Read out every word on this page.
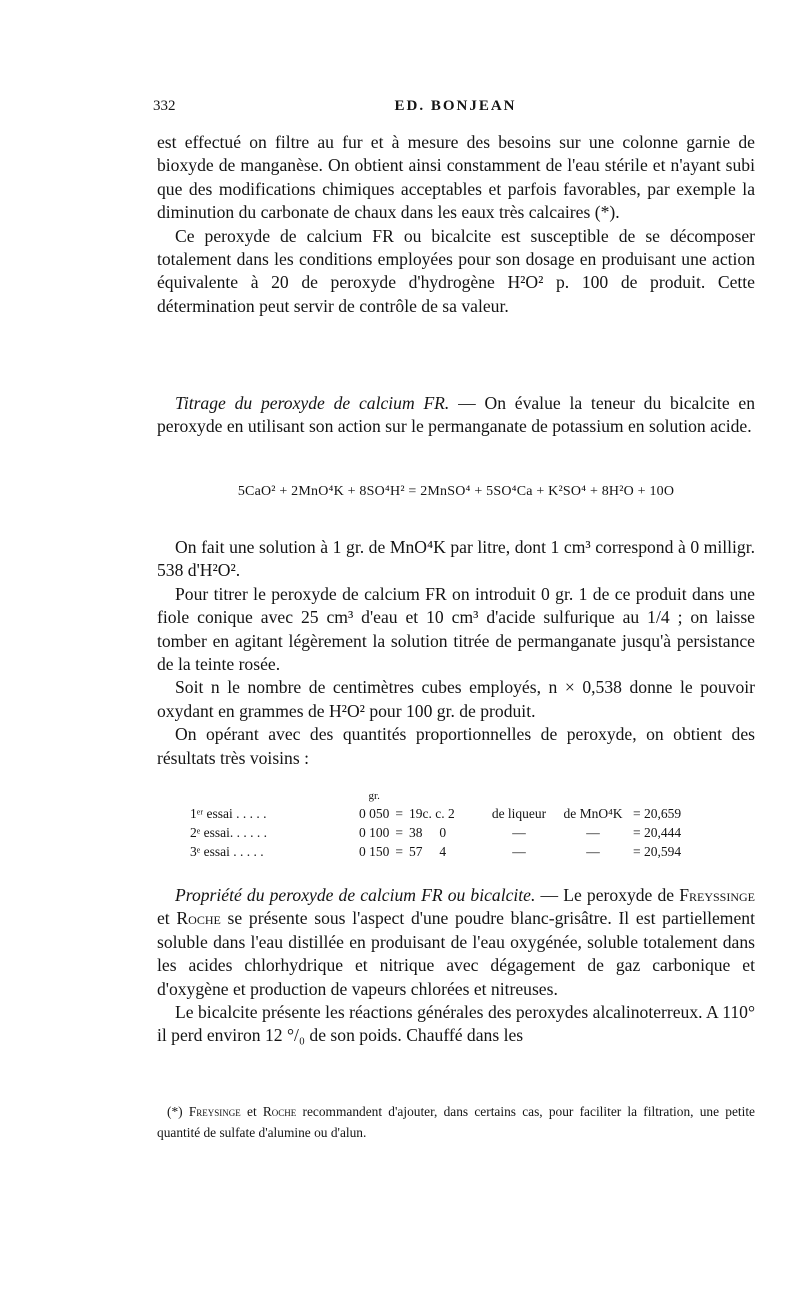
332	ED. BONJEAN

est effectué on filtre au fur et à mesure des besoins sur une colonne garnie de bioxyde de manganèse. On obtient ainsi constamment de l'eau stérile et n'ayant subi que des modifications chimiques acceptables et parfois favorables, par exemple la diminution du carbonate de chaux dans les eaux très calcaires (*).

Ce peroxyde de calcium FR ou bicalcite est susceptible de se décomposer totalement dans les conditions employées pour son dosage en produisant une action équivalente à 20 de peroxyde d'hydrogène H²O² p. 100 de produit. Cette détermination peut servir de contrôle de sa valeur.

Titrage du peroxyde de calcium FR. — On évalue la teneur du bicalcite en peroxyde en utilisant son action sur le permanganate de potassium en solution acide.

5CaO² + 2MnO⁴K + 8SO⁴H² = 2MnSO⁴ + 5SO⁴Ca + K²SO⁴ + 8H²O + 10O

On fait une solution à 1 gr. de MnO⁴K par litre, dont 1 cm³ correspond à 0 milligr. 538 d'H²O².

Pour titrer le peroxyde de calcium FR on introduit 0 gr. 1 de ce produit dans une fiole conique avec 25 cm³ d'eau et 10 cm³ d'acide sulfurique au 1/4 ; on laisse tomber en agitant légèrement la solution titrée de permanganate jusqu'à persistance de la teinte rosée.

Soit n le nombre de centimètres cubes employés, n × 0,538 donne le pouvoir oxydant en grammes de H²O² pour 100 gr. de produit.

On opérant avec des quantités proportionnelles de peroxyde, on obtient des résultats très voisins :

	gr.					
1ᵉʳ essai . . . . .	0 050	=	19c. c. 2	de liqueur	de MnO⁴K	= 20,659
2ᵉ essai. . . . . .	0 100	=	38     0	—	—	= 20,444
3ᵉ essai . . . . .	0 150	=	57     4	—	—	= 20,594

Propriété du peroxyde de calcium FR ou bicalcite. — Le peroxyde de Freyssinge et Roche se présente sous l'aspect d'une poudre blanc-grisâtre. Il est partiellement soluble dans l'eau distillée en produisant de l'eau oxygénée, soluble totalement dans les acides chlorhydrique et nitrique avec dégagement de gaz carbonique et d'oxygène et production de vapeurs chlorées et nitreuses.

Le bicalcite présente les réactions générales des peroxydes alcalinoterreux. A 110° il perd environ 12 °/₀ de son poids. Chauffé dans les

(*) Freysinge et Roche recommandent d'ajouter, dans certains cas, pour faciliter la filtration, une petite quantité de sulfate d'alumine ou d'alun.
